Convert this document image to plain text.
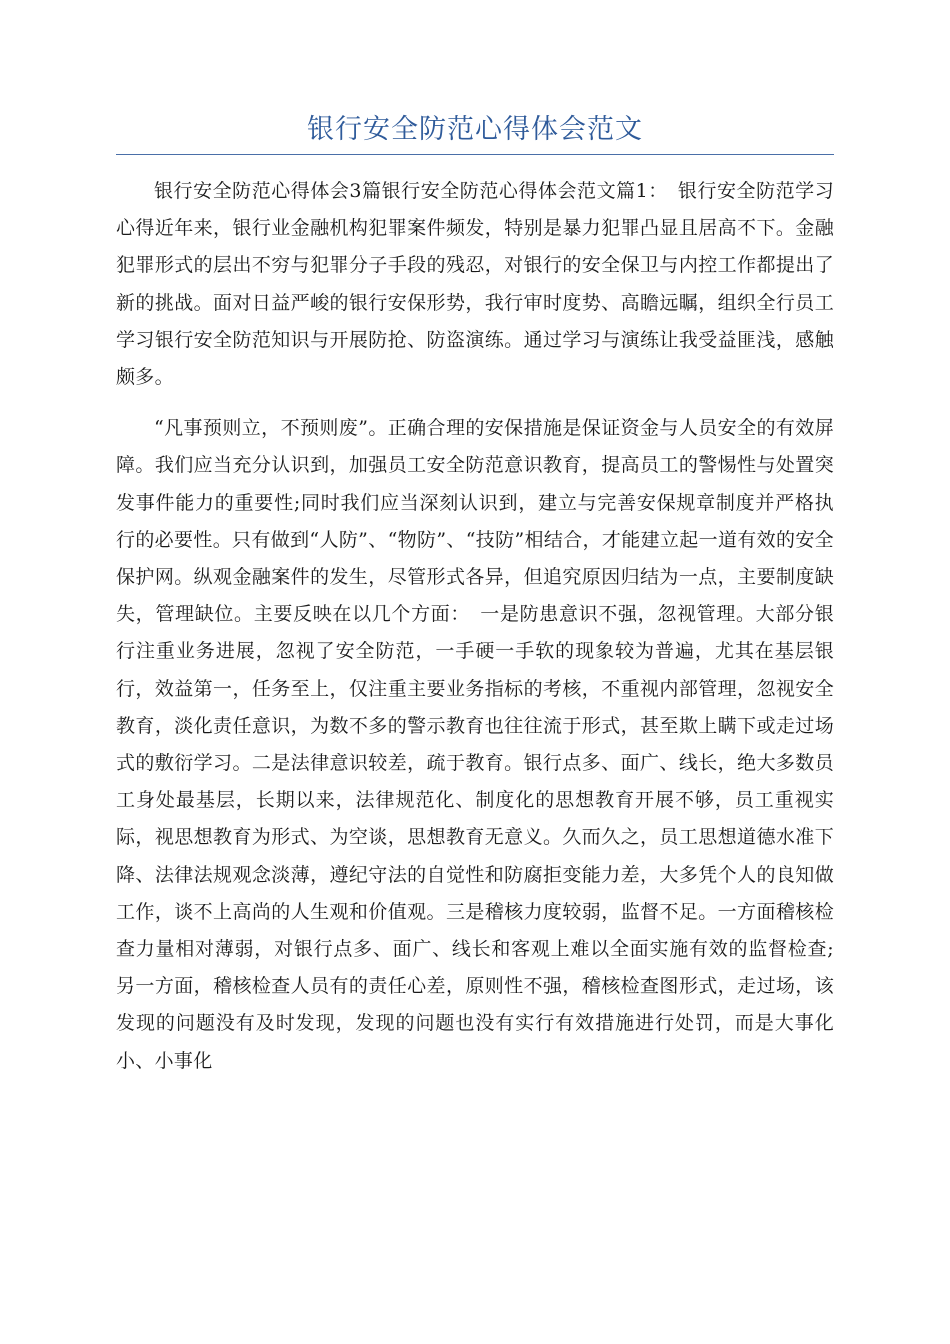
银行安全防范心得体会范文

银行安全防范心得体会3篇银行安全防范心得体会范文篇1：　银行安全防范学习心得近年来，银行业金融机构犯罪案件频发，特别是暴力犯罪凸显且居高不下。金融犯罪形式的层出不穷与犯罪分子手段的残忍，对银行的安全保卫与内控工作都提出了新的挑战。面对日益严峻的银行安保形势，我行审时度势、高瞻远瞩，组织全行员工学习银行安全防范知识与开展防抢、防盗演练。通过学习与演练让我受益匪浅，感触颇多。

“凡事预则立，不预则废”。正确合理的安保措施是保证资金与人员安全的有效屏障。我们应当充分认识到，加强员工安全防范意识教育，提高员工的警惕性与处置突发事件能力的重要性;同时我们应当深刻认识到，建立与完善安保规章制度并严格执行的必要性。只有做到“人防”、“物防”、“技防”相结合，才能建立起一道有效的安全保护网。纵观金融案件的发生，尽管形式各异，但追究原因归结为一点，主要制度缺失，管理缺位。主要反映在以几个方面：　一是防患意识不强，忽视管理。大部分银行注重业务进展，忽视了安全防范，一手硬一手软的现象较为普遍，尤其在基层银行，效益第一，任务至上，仅注重主要业务指标的考核，不重视内部管理，忽视安全教育，淡化责任意识，为数不多的警示教育也往往流于形式，甚至欺上瞒下或走过场式的敷衍学习。二是法律意识较差，疏于教育。银行点多、面广、线长，绝大多数员工身处最基层，长期以来，法律规范化、制度化的思想教育开展不够，员工重视实际，视思想教育为形式、为空谈，思想教育无意义。久而久之，员工思想道德水准下降、法律法规观念淡薄，遵纪守法的自觉性和防腐拒变能力差，大多凭个人的良知做工作，谈不上高尚的人生观和价值观。三是稽核力度较弱，监督不足。一方面稽核检查力量相对薄弱，对银行点多、面广、线长和客观上难以全面实施有效的监督检查;另一方面，稽核检查人员有的责任心差，原则性不强，稽核检查图形式，走过场，该发现的问题没有及时发现，发现的问题也没有实行有效措施进行处罚，而是大事化小、小事化
